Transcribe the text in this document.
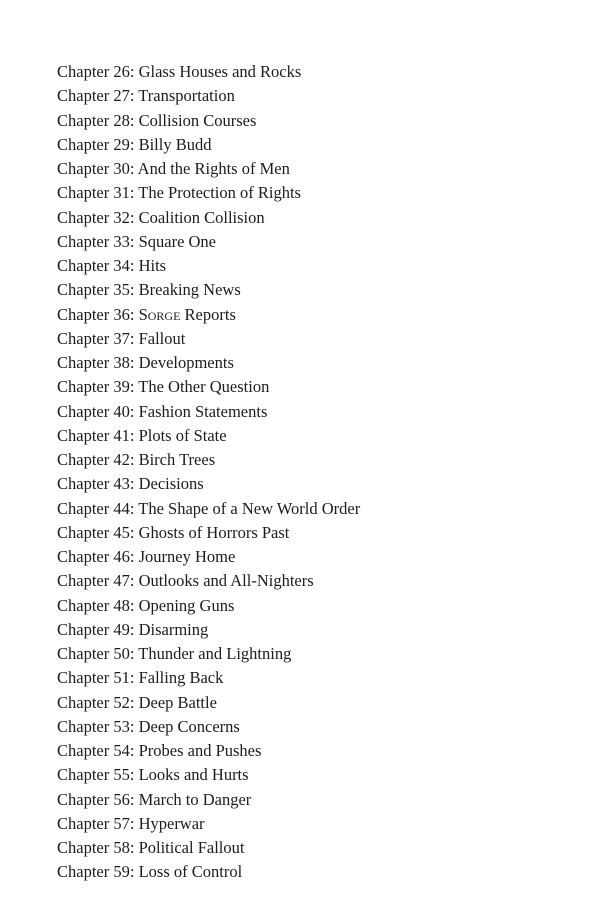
Chapter 26: Glass Houses and Rocks
Chapter 27: Transportation
Chapter 28: Collision Courses
Chapter 29: Billy Budd
Chapter 30: And the Rights of Men
Chapter 31: The Protection of Rights
Chapter 32: Coalition Collision
Chapter 33: Square One
Chapter 34: Hits
Chapter 35: Breaking News
Chapter 36: Sorge Reports
Chapter 37: Fallout
Chapter 38: Developments
Chapter 39: The Other Question
Chapter 40: Fashion Statements
Chapter 41: Plots of State
Chapter 42: Birch Trees
Chapter 43: Decisions
Chapter 44: The Shape of a New World Order
Chapter 45: Ghosts of Horrors Past
Chapter 46: Journey Home
Chapter 47: Outlooks and All-Nighters
Chapter 48: Opening Guns
Chapter 49: Disarming
Chapter 50: Thunder and Lightning
Chapter 51: Falling Back
Chapter 52: Deep Battle
Chapter 53: Deep Concerns
Chapter 54: Probes and Pushes
Chapter 55: Looks and Hurts
Chapter 56: March to Danger
Chapter 57: Hyperwar
Chapter 58: Political Fallout
Chapter 59: Loss of Control
